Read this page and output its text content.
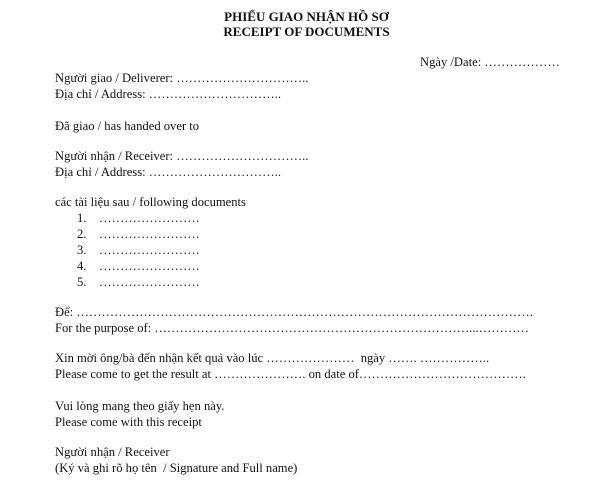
PHIẾU GIAO NHẬN HỒ SƠ
RECEIPT OF DOCUMENTS
Ngày /Date: ………………
Người giao / Deliverer: …………………………..
Địa chỉ / Address: …………………………..
Đã giao / has handed over to
Người nhận / Receiver: …………………………..
Địa chỉ / Address: …………………………..
các tài liệu sau / following documents
1.    ……………………
2.    ……………………
3.    ……………………
4.    ……………………
5.    ……………………
Để: ……………………………………………………………………………………………….
For the purpose of: …………………………………………………………………...…………
Xin mời ông/bà đến nhận kết quả vào lúc …………………  ngày ……. ……………..
Please come to get the result at …………………. on date of………………………………….
Vui lòng mang theo giấy hẹn này.
Please come with this receipt
Người nhận / Receiver
(Ký và ghi rõ họ tên  / Signature and Full name)
